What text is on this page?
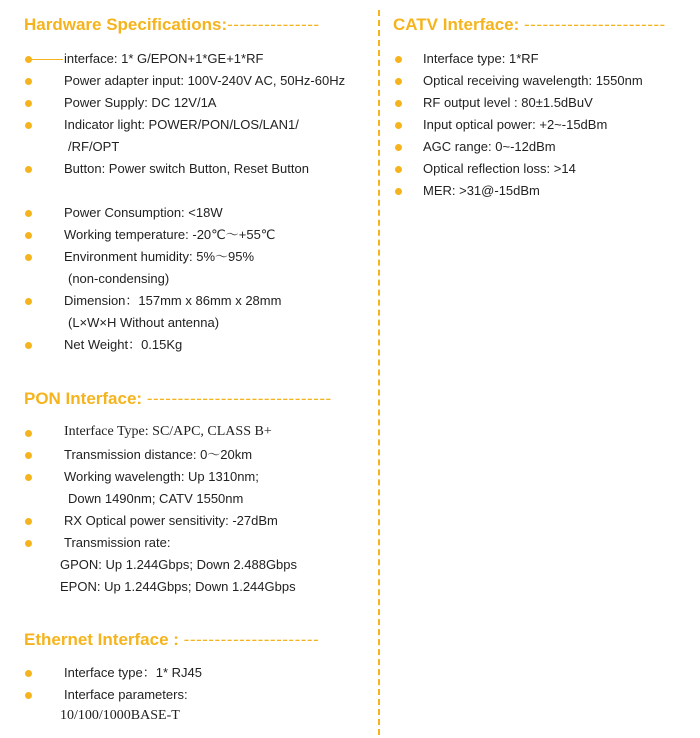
Hardware Specifications:---------------
interface: 1* G/EPON+1*GE+1*RF
Power adapter input: 100V-240V AC, 50Hz-60Hz
Power Supply: DC 12V/1A
Indicator light: POWER/PON/LOS/LAN1/
/RF/OPT
Button: Power switch Button, Reset Button
Power Consumption: <18W
Working temperature: -20℃～+55℃
Environment humidity: 5%～95%
(non-condensing)
Dimension：157mm x 86mm x 28mm
(L×W×H Without antenna)
Net Weight：0.15Kg
PON Interface: ------------------------------
Interface Type: SC/APC, CLASS B+
Transmission distance: 0～20km
Working wavelength: Up 1310nm;
Down 1490nm; CATV 1550nm
RX Optical power sensitivity: -27dBm
Transmission rate:
GPON: Up 1.244Gbps; Down 2.488Gbps
EPON: Up 1.244Gbps; Down 1.244Gbps
Ethernet Interface : ----------------------
Interface type：1* RJ45
Interface parameters:
10/100/1000BASE-T
CATV Interface: -----------------------
Interface type: 1*RF
Optical receiving wavelength: 1550nm
RF output level : 80±1.5dBuV
Input optical power: +2~-15dBm
AGC range: 0~-12dBm
Optical reflection loss: >14
MER: >31@-15dBm
